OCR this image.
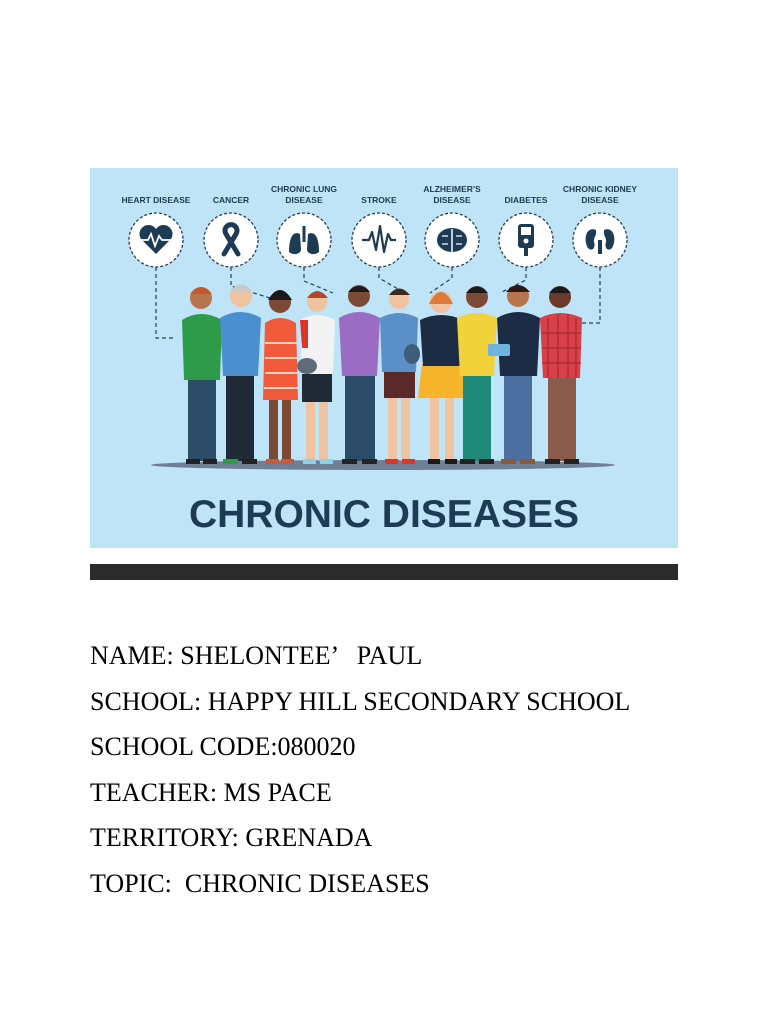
HEART DISEASE	CANCER
CHRONIC LUNG
DISEASE	STROKE
ALZHEIMER'S
DISEASE	DIABETES
CHRONIC KIDNEY
DISEASE
CHRONIC DISEASES
NAME: SHELONTEE’   PAUL
SCHOOL: HAPPY HILL SECONDARY SCHOOL
SCHOOL CODE:080020
TEACHER: MS PACE
TERRITORY: GRENADA
TOPIC:  CHRONIC DISEASES
